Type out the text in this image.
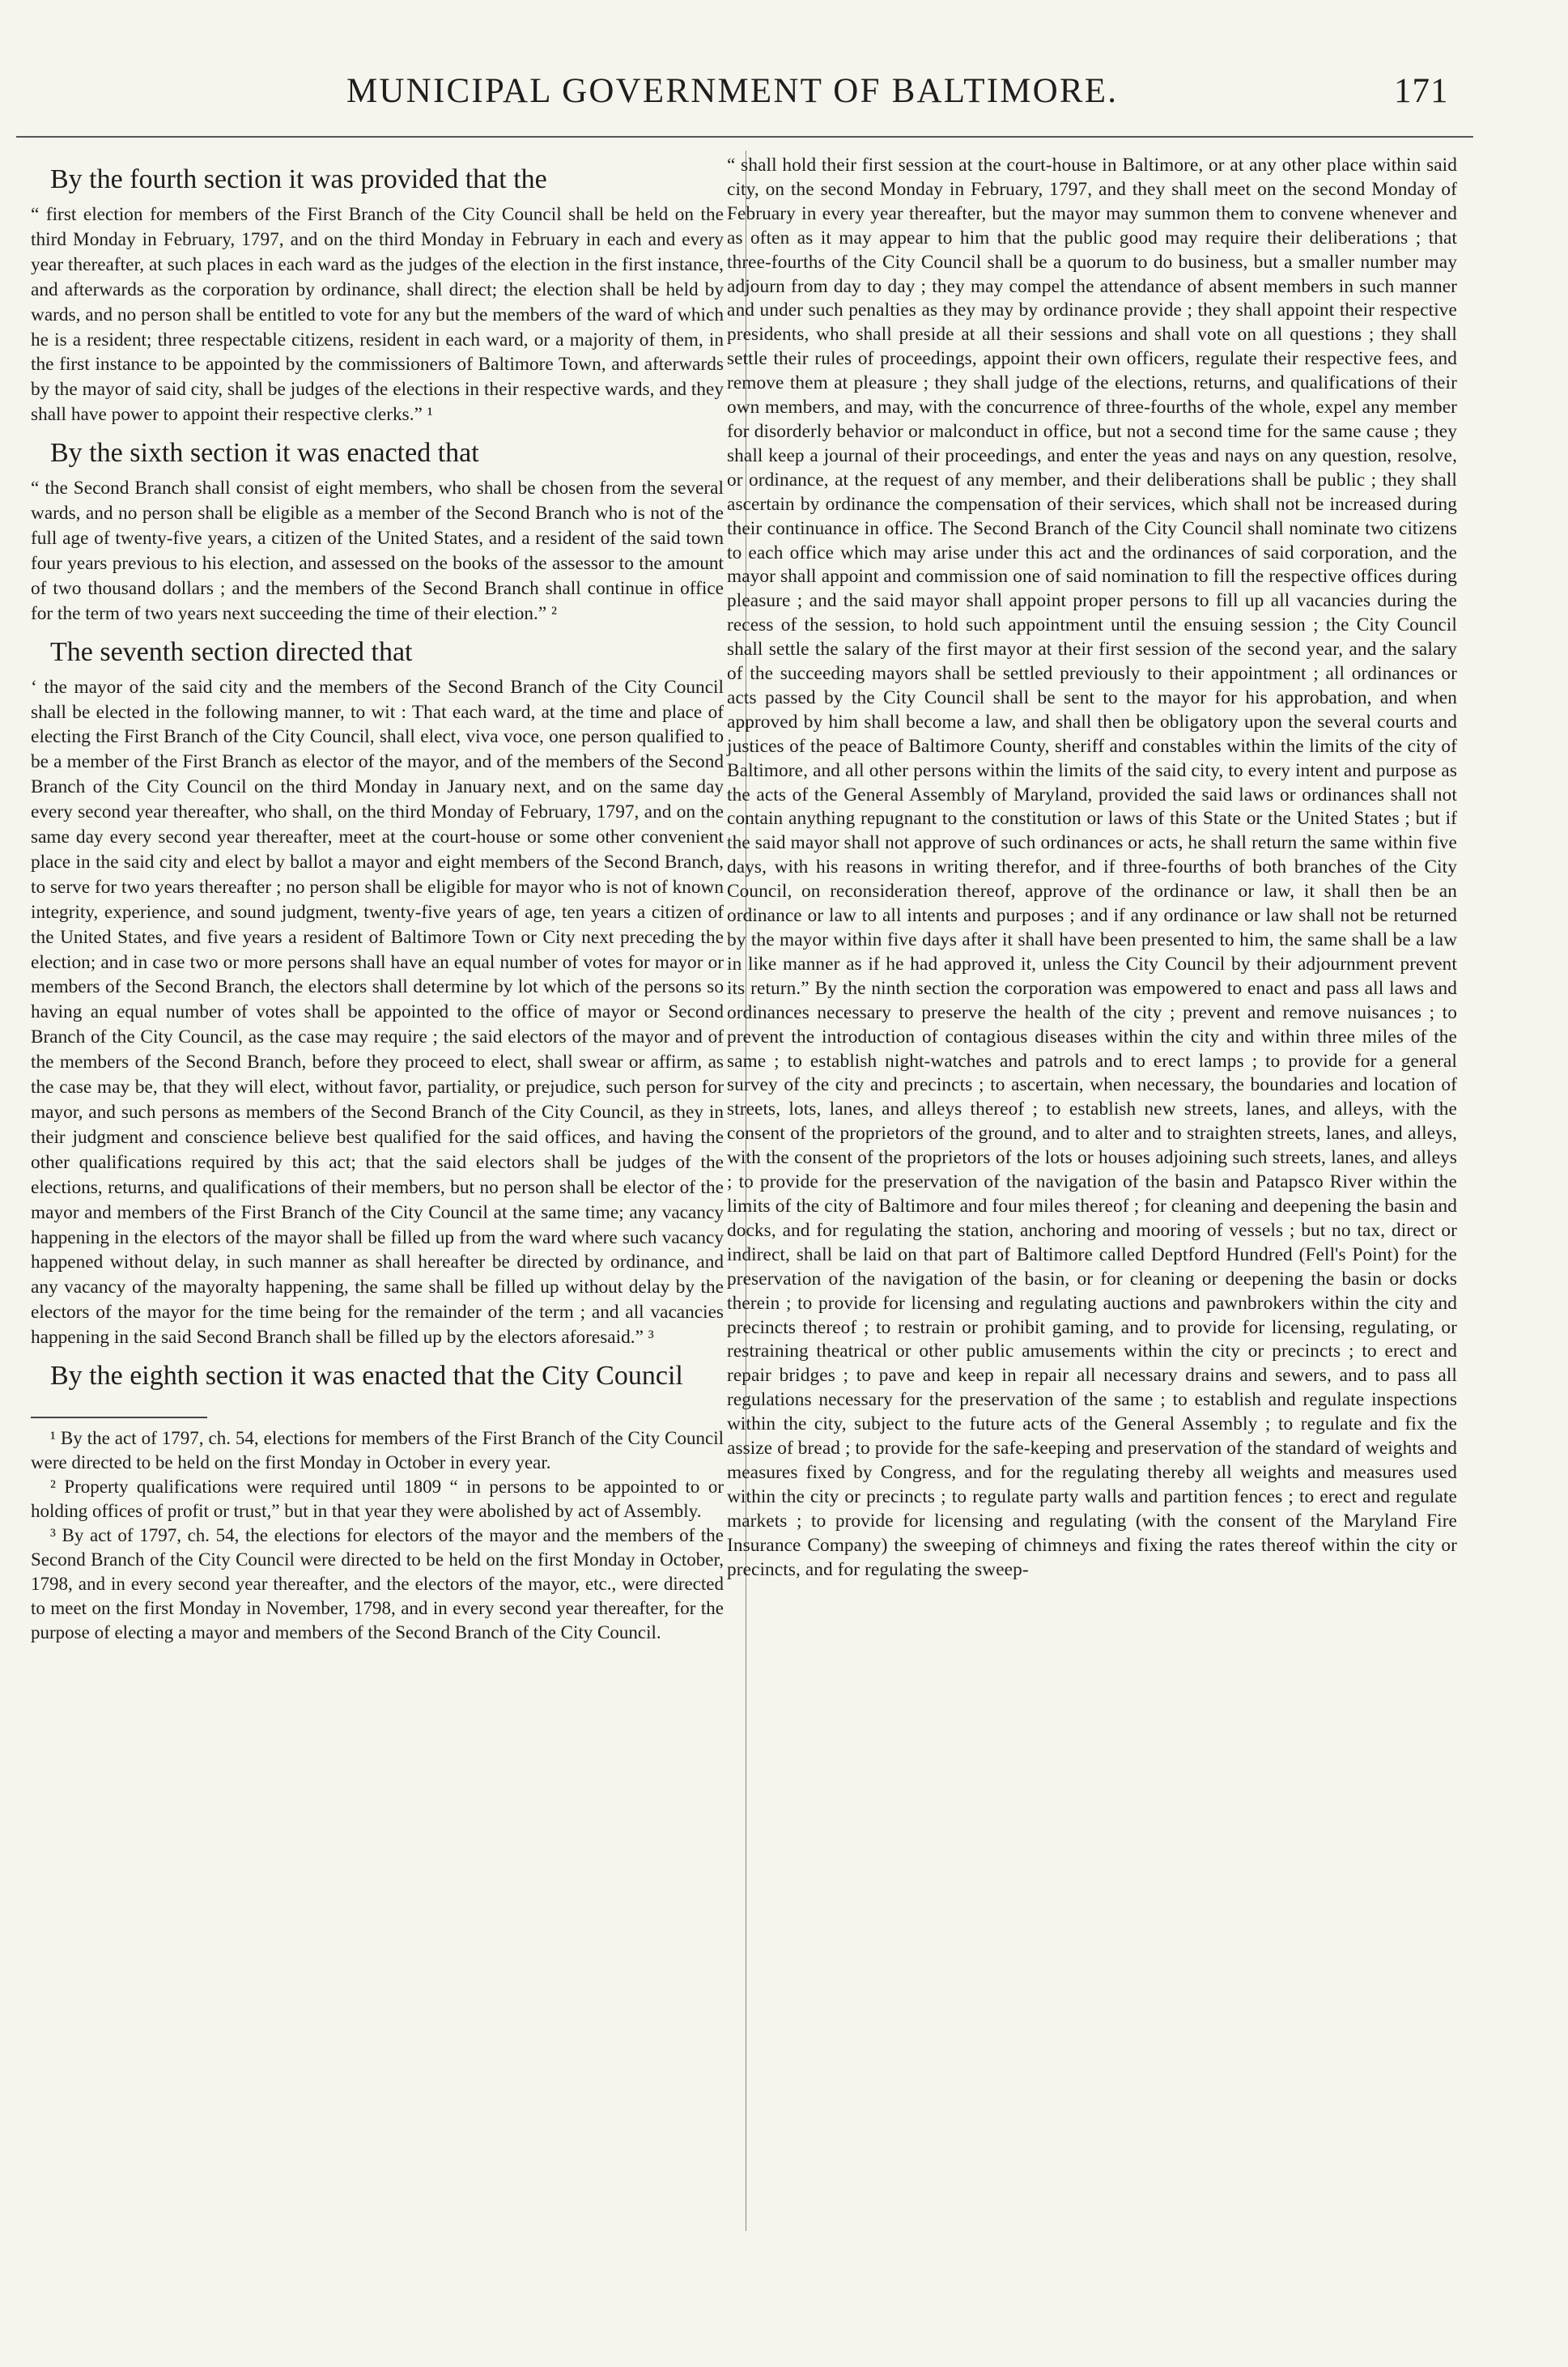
MUNICIPAL GOVERNMENT OF BALTIMORE.	171

By the fourth section it was provided that the

“ first election for members of the First Branch of the City Council shall be held on the third Monday in February, 1797, and on the third Monday in February in each and every year thereafter, at such places in each ward as the judges of the election in the first instance, and afterwards as the corporation by ordinance, shall direct; the election shall be held by wards, and no person shall be entitled to vote for any but the members of the ward of which he is a resident; three respectable citizens, resident in each ward, or a majority of them, in the first instance to be appointed by the commissioners of Baltimore Town, and afterwards by the mayor of said city, shall be judges of the elections in their respective wards, and they shall have power to appoint their respective clerks.” ¹

By the sixth section it was enacted that

“ the Second Branch shall consist of eight members, who shall be chosen from the several wards, and no person shall be eligible as a member of the Second Branch who is not of the full age of twenty-five years, a citizen of the United States, and a resident of the said town four years previous to his election, and assessed on the books of the assessor to the amount of two thousand dollars ; and the members of the Second Branch shall continue in office for the term of two years next succeeding the time of their election.” ²

The seventh section directed that

‘ the mayor of the said city and the members of the Second Branch of the City Council shall be elected in the following manner, to wit : That each ward, at the time and place of electing the First Branch of the City Council, shall elect, viva voce, one person qualified to be a member of the First Branch as elector of the mayor, and of the members of the Second Branch of the City Council on the third Monday in January next, and on the same day every second year thereafter, who shall, on the third Monday of February, 1797, and on the same day every second year thereafter, meet at the court-house or some other convenient place in the said city and elect by ballot a mayor and eight members of the Second Branch, to serve for two years thereafter ; no person shall be eligible for mayor who is not of known integrity, experience, and sound judgment, twenty-five years of age, ten years a citizen of the United States, and five years a resident of Baltimore Town or City next preceding the election; and in case two or more persons shall have an equal number of votes for mayor or members of the Second Branch, the electors shall determine by lot which of the persons so having an equal number of votes shall be appointed to the office of mayor or Second Branch of the City Council, as the case may require ; the said electors of the mayor and of the members of the Second Branch, before they proceed to elect, shall swear or affirm, as the case may be, that they will elect, without favor, partiality, or prejudice, such person for mayor, and such persons as members of the Second Branch of the City Council, as they in their judgment and conscience believe best qualified for the said offices, and having the other qualifications required by this act; that the said electors shall be judges of the elections, returns, and qualifications of their members, but no person shall be elector of the mayor and members of the First Branch of the City Council at the same time; any vacancy happening in the electors of the mayor shall be filled up from the ward where such vacancy happened without delay, in such manner as shall hereafter be directed by ordinance, and any vacancy of the mayoralty happening, the same shall be filled up without delay by the electors of the mayor for the time being for the remainder of the term ; and all vacancies happening in the said Second Branch shall be filled up by the electors aforesaid.” ³

By the eighth section it was enacted that the City Council

¹ By the act of 1797, ch. 54, elections for members of the First Branch of the City Council were directed to be held on the first Monday in October in every year.

² Property qualifications were required until 1809 “ in persons to be appointed to or holding offices of profit or trust,” but in that year they were abolished by act of Assembly.

³ By act of 1797, ch. 54, the elections for electors of the mayor and the members of the Second Branch of the City Council were directed to be held on the first Monday in October, 1798, and in every second year thereafter, and the electors of the mayor, etc., were directed to meet on the first Monday in November, 1798, and in every second year thereafter, for the purpose of electing a mayor and members of the Second Branch of the City Council.

“ shall hold their first session at the court-house in Baltimore, or at any other place within said city, on the second Monday in February, 1797, and they shall meet on the second Monday of February in every year thereafter, but the mayor may summon them to convene whenever and as often as it may appear to him that the public good may require their deliberations ; that three-fourths of the City Council shall be a quorum to do business, but a smaller number may adjourn from day to day ; they may compel the attendance of absent members in such manner and under such penalties as they may by ordinance provide ; they shall appoint their respective presidents, who shall preside at all their sessions and shall vote on all questions ; they shall settle their rules of proceedings, appoint their own officers, regulate their respective fees, and remove them at pleasure ; they shall judge of the elections, returns, and qualifications of their own members, and may, with the concurrence of three-fourths of the whole, expel any member for disorderly behavior or malconduct in office, but not a second time for the same cause ; they shall keep a journal of their proceedings, and enter the yeas and nays on any question, resolve, or ordinance, at the request of any member, and their deliberations shall be public ; they shall ascertain by ordinance the compensation of their services, which shall not be increased during their continuance in office. The Second Branch of the City Council shall nominate two citizens to each office which may arise under this act and the ordinances of said corporation, and the mayor shall appoint and commission one of said nomination to fill the respective offices during pleasure ; and the said mayor shall appoint proper persons to fill up all vacancies during the recess of the session, to hold such appointment until the ensuing session ; the City Council shall settle the salary of the first mayor at their first session of the second year, and the salary of the succeeding mayors shall be settled previously to their appointment ; all ordinances or acts passed by the City Council shall be sent to the mayor for his approbation, and when approved by him shall become a law, and shall then be obligatory upon the several courts and justices of the peace of Baltimore County, sheriff and constables within the limits of the city of Baltimore, and all other persons within the limits of the said city, to every intent and purpose as the acts of the General Assembly of Maryland, provided the said laws or ordinances shall not contain anything repugnant to the constitution or laws of this State or the United States ; but if the said mayor shall not approve of such ordinances or acts, he shall return the same within five days, with his reasons in writing therefor, and if three-fourths of both branches of the City Council, on reconsideration thereof, approve of the ordinance or law, it shall then be an ordinance or law to all intents and purposes ; and if any ordinance or law shall not be returned by the mayor within five days after it shall have been presented to him, the same shall be a law in like manner as if he had approved it, unless the City Council by their adjournment prevent its return.” By the ninth section the corporation was empowered to enact and pass all laws and ordinances necessary to preserve the health of the city ; prevent and remove nuisances ; to prevent the introduction of contagious diseases within the city and within three miles of the same ; to establish night-watches and patrols and to erect lamps ; to provide for a general survey of the city and precincts ; to ascertain, when necessary, the boundaries and location of streets, lots, lanes, and alleys thereof ; to establish new streets, lanes, and alleys, with the consent of the proprietors of the ground, and to alter and to straighten streets, lanes, and alleys, with the consent of the proprietors of the lots or houses adjoining such streets, lanes, and alleys ; to provide for the preservation of the navigation of the basin and Patapsco River within the limits of the city of Baltimore and four miles thereof ; for cleaning and deepening the basin and docks, and for regulating the station, anchoring and mooring of vessels ; but no tax, direct or indirect, shall be laid on that part of Baltimore called Deptford Hundred (Fell's Point) for the preservation of the navigation of the basin, or for cleaning or deepening the basin or docks therein ; to provide for licensing and regulating auctions and pawnbrokers within the city and precincts thereof ; to restrain or prohibit gaming, and to provide for licensing, regulating, or restraining theatrical or other public amusements within the city or precincts ; to erect and repair bridges ; to pave and keep in repair all necessary drains and sewers, and to pass all regulations necessary for the preservation of the same ; to establish and regulate inspections within the city, subject to the future acts of the General Assembly ; to regulate and fix the assize of bread ; to provide for the safe-keeping and preservation of the standard of weights and measures fixed by Congress, and for the regulating thereby all weights and measures used within the city or precincts ; to regulate party walls and partition fences ; to erect and regulate markets ; to provide for licensing and regulating (with the consent of the Maryland Fire Insurance Company) the sweeping of chimneys and fixing the rates thereof within the city or precincts, and for regulating the sweep-
